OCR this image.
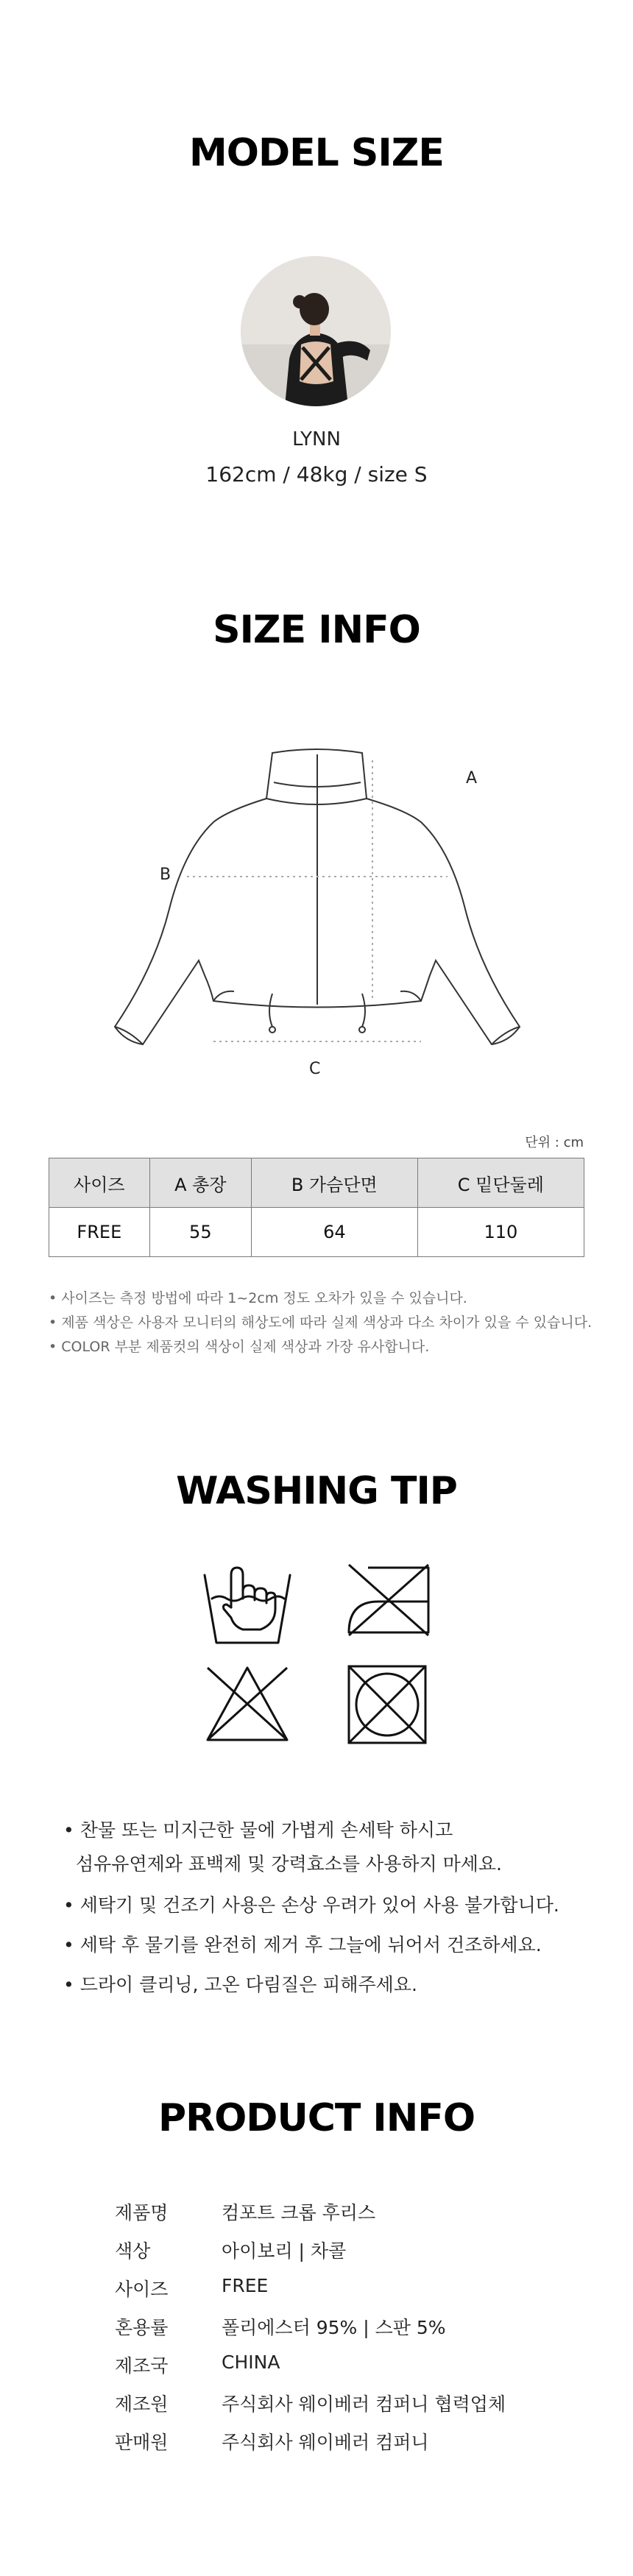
MODEL SIZE
LYNN
162cm / 48kg / size S
SIZE INFO
A
B
C
단위 : cm
사이즈	A 총장	B 가슴단면	C 밑단둘레
FREE	55	64	110
• 사이즈는 측정 방법에 따라 1~2cm 정도 오차가 있을 수 있습니다.
• 제품 색상은 사용자 모니터의 해상도에 따라 실제 색상과 다소 차이가 있을 수 있습니다.
• COLOR 부분 제품컷의 색상이 실제 색상과 가장 유사합니다.
WASHING TIP
• 찬물 또는 미지근한 물에 가볍게 손세탁 하시고
섬유유연제와 표백제 및 강력효소를 사용하지 마세요.
• 세탁기 및 건조기 사용은 손상 우려가 있어 사용 불가합니다.
• 세탁 후 물기를 완전히 제거 후 그늘에 뉘어서 건조하세요.
• 드라이 클리닝, 고온 다림질은 피해주세요.
PRODUCT INFO
제품명	컴포트 크롭 후리스
색상	아이보리 | 차콜
사이즈	FREE
혼용률	폴리에스터 95% | 스판 5%
제조국	CHINA
제조원	주식회사 웨이베러 컴퍼니 협력업체
판매원	주식회사 웨이베러 컴퍼니
